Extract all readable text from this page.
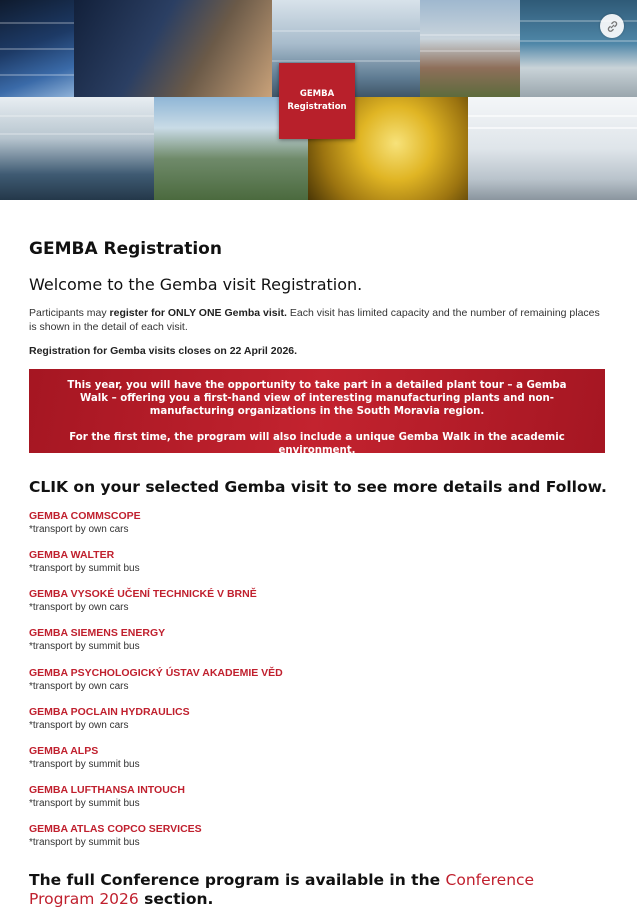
GEMBA
Registration
GEMBA Registration
Welcome to the Gemba visit Registration.
Participants may register for ONLY ONE Gemba visit. Each visit has limited capacity and the number of remaining places is shown in the detail of each visit.
Registration for Gemba visits closes on 22 April 2026.
This year, you will have the opportunity to take part in a detailed plant tour – a Gemba Walk – offering you a first-hand view of interesting manufacturing plants and non-manufacturing organizations in the South Moravia region.
For the first time, the program will also include a unique Gemba Walk in the academic environment.
CLIK on your selected Gemba visit to see more details and Follow.
GEMBA COMMSCOPE
*transport by own cars
GEMBA WALTER
*transport by summit bus
GEMBA VYSOKÉ UČENÍ TECHNICKÉ V BRNĚ
*transport by own cars
GEMBA SIEMENS ENERGY
*transport by summit bus
GEMBA PSYCHOLOGICKÝ ÚSTAV AKADEMIE VĚD
*transport by own cars
GEMBA POCLAIN HYDRAULICS
*transport by own cars
GEMBA ALPS
*transport by summit bus
GEMBA LUFTHANSA INTOUCH
*transport by summit bus
GEMBA ATLAS COPCO SERVICES
*transport by summit bus
The full Conference program is available in the Conference Program 2026 section.
